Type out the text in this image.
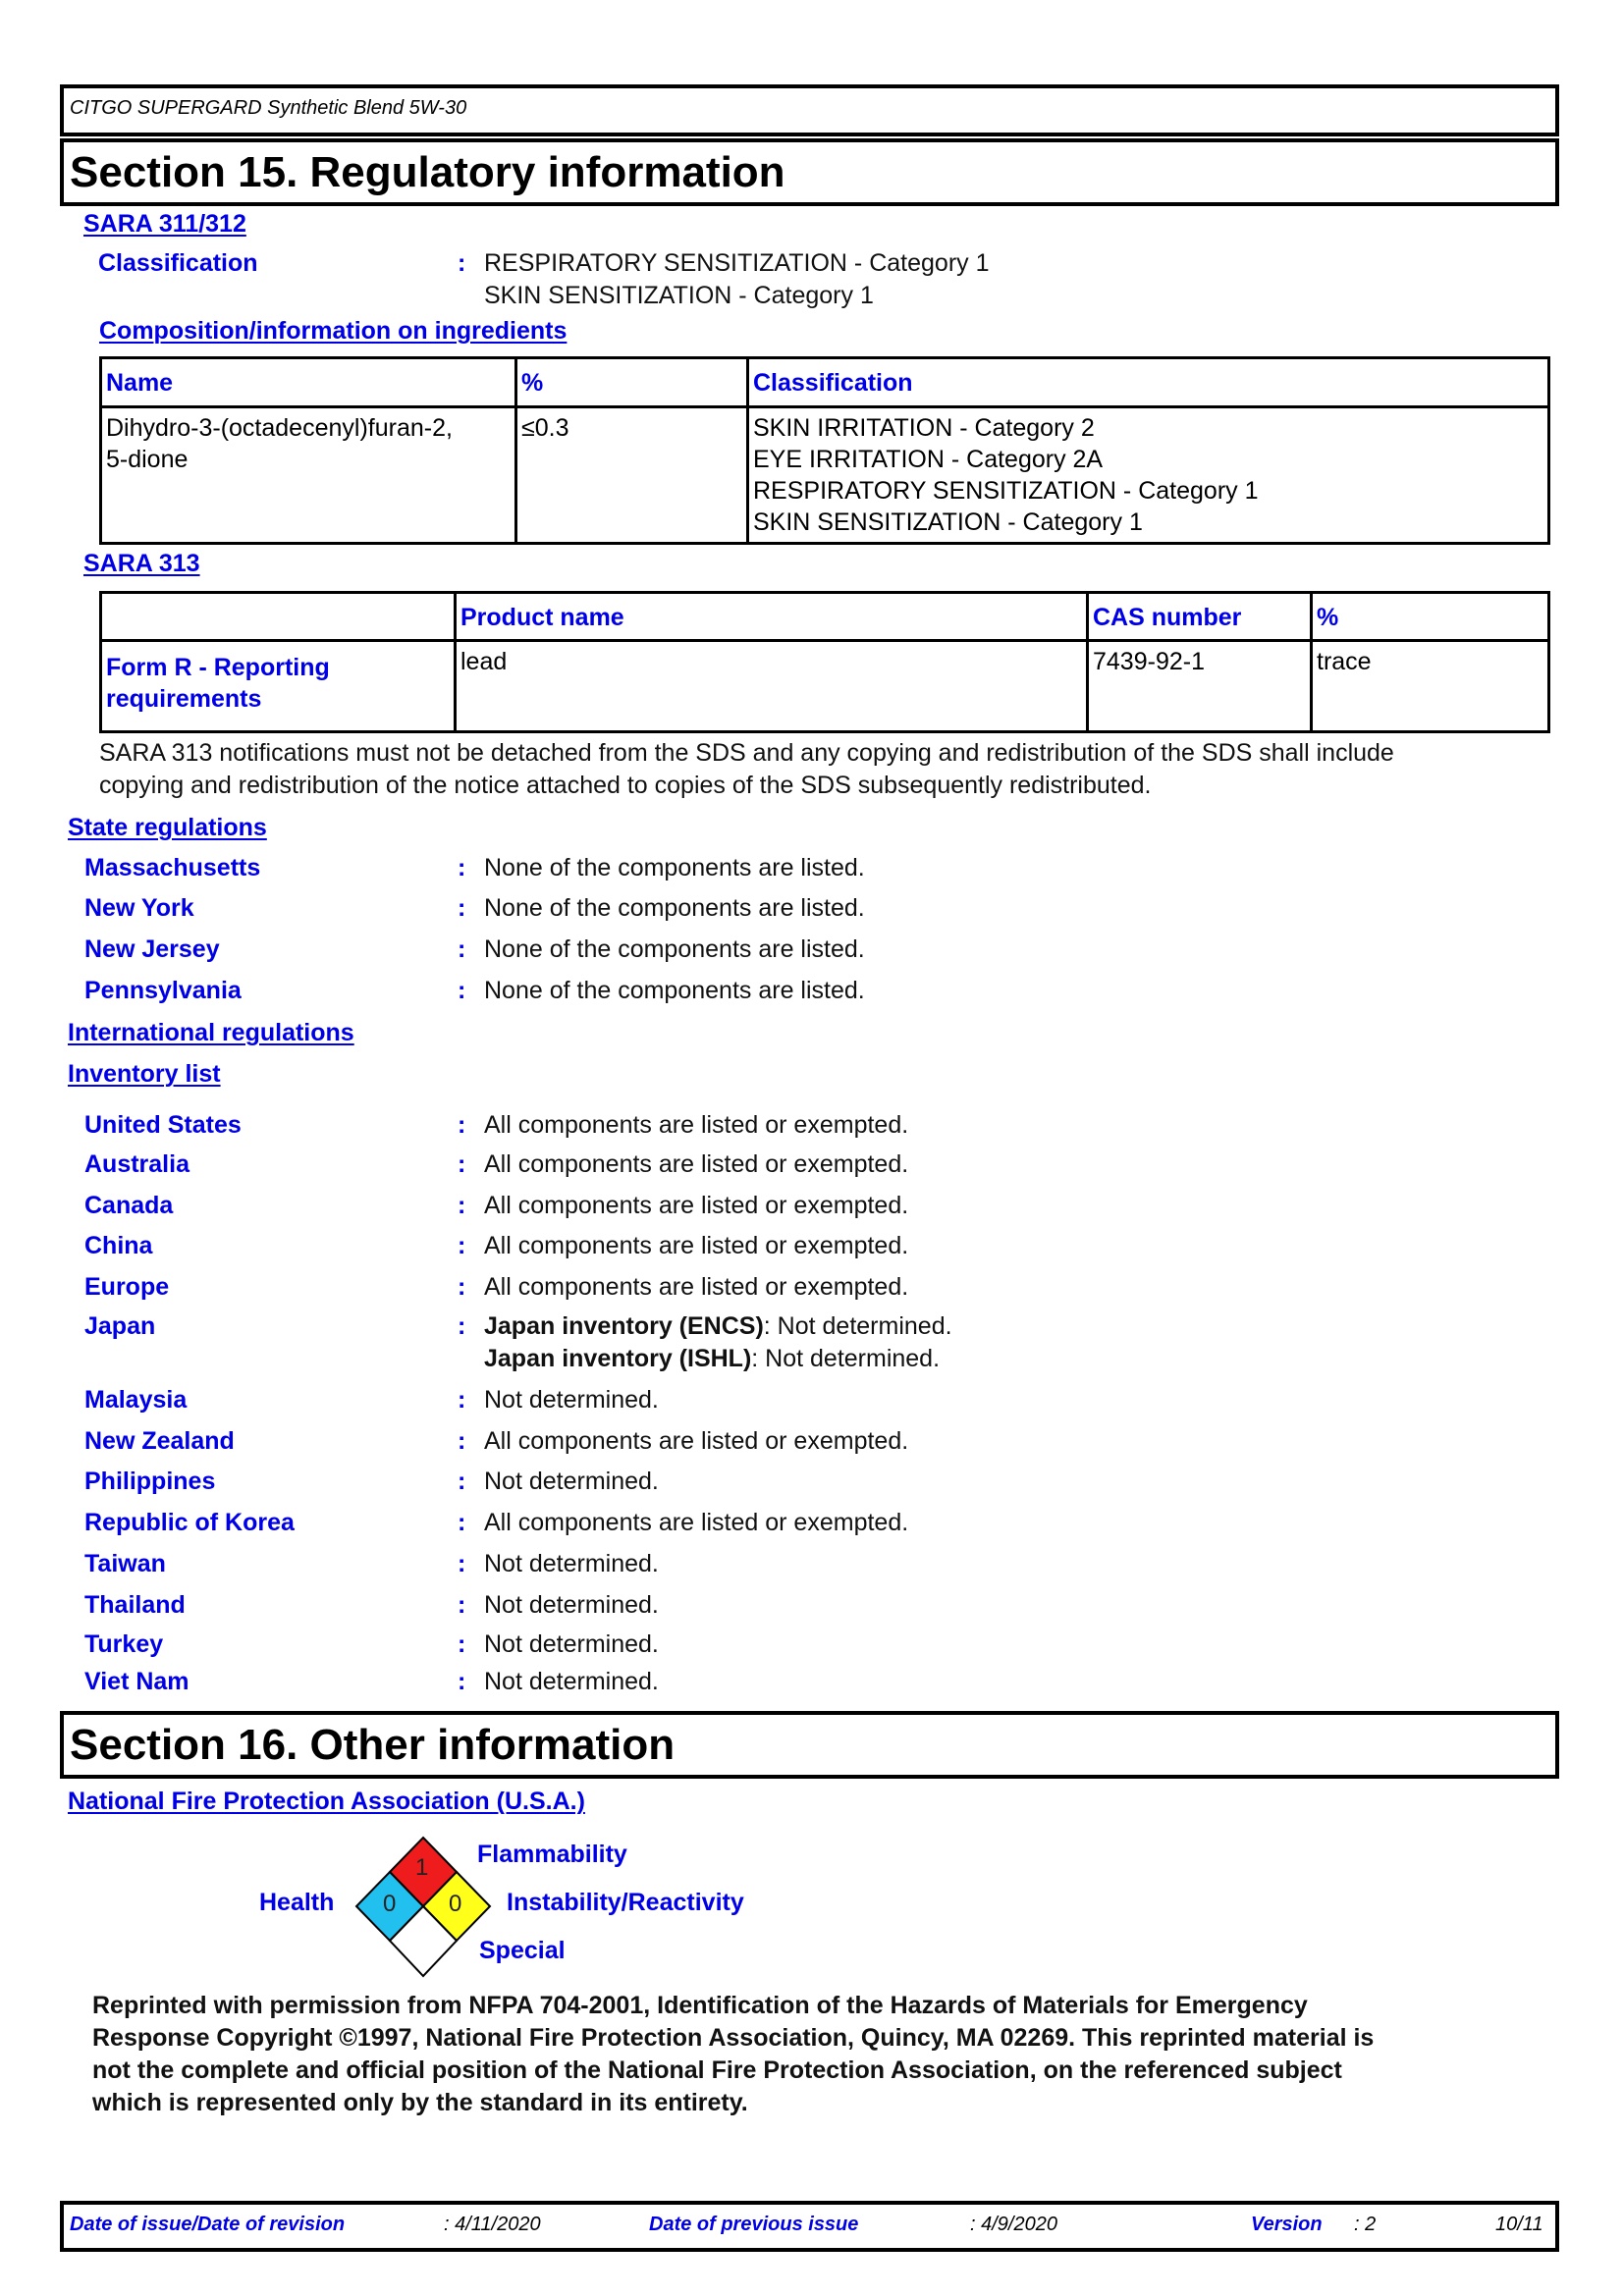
CITGO SUPERGARD Synthetic Blend 5W-30
Section 15. Regulatory information
SARA 311/312
Classification	: RESPIRATORY SENSITIZATION - Category 1
SKIN SENSITIZATION - Category 1
Composition/information on ingredients
Name	%	Classification

Dihydro-3-(octadecenyl)furan-2,
5-dione
	≤0.3	SKIN IRRITATION - Category 2
EYE IRRITATION - Category 2A
RESPIRATORY SENSITIZATION - Category 1
SKIN SENSITIZATION - Category 1
SARA 313
	Product name	CAS number	%

Form R - Reporting
requirements	lead	7439-92-1	trace
SARA 313 notifications must not be detached from the SDS and any copying and redistribution of the SDS shall include
copying and redistribution of the notice attached to copies of the SDS subsequently redistributed.
State regulations
Massachusetts	: None of the components are listed.
New York	: None of the components are listed.
New Jersey	: None of the components are listed.
Pennsylvania	: None of the components are listed.
International regulations
Inventory list
United States	: All components are listed or exempted.
Australia	: All components are listed or exempted.
Canada	: All components are listed or exempted.
China	: All components are listed or exempted.
Europe	: All components are listed or exempted.
Japan	: Japan inventory (ENCS): Not determined.
Japan inventory (ISHL): Not determined.
Malaysia	: Not determined.
New Zealand	: All components are listed or exempted.
Philippines	: Not determined.
Republic of Korea	: All components are listed or exempted.
Taiwan	: Not determined.
Thailand	: Not determined.
Turkey	: Not determined.
Viet Nam	: Not determined.
Section 16. Other information
National Fire Protection Association (U.S.A.)
1
0 0
Flammability
Health	Instability/Reactivity
Special
Reprinted with permission from NFPA 704-2001, Identification of the Hazards of Materials for Emergency
Response Copyright ©1997, National Fire Protection Association, Quincy, MA 02269. This reprinted material is
not the complete and official position of the National Fire Protection Association, on the referenced subject
which is represented only by the standard in its entirety.
Date of issue/Date of revision	: 4/11/2020	Date of previous issue	: 4/9/2020	Version : 2	10/11
